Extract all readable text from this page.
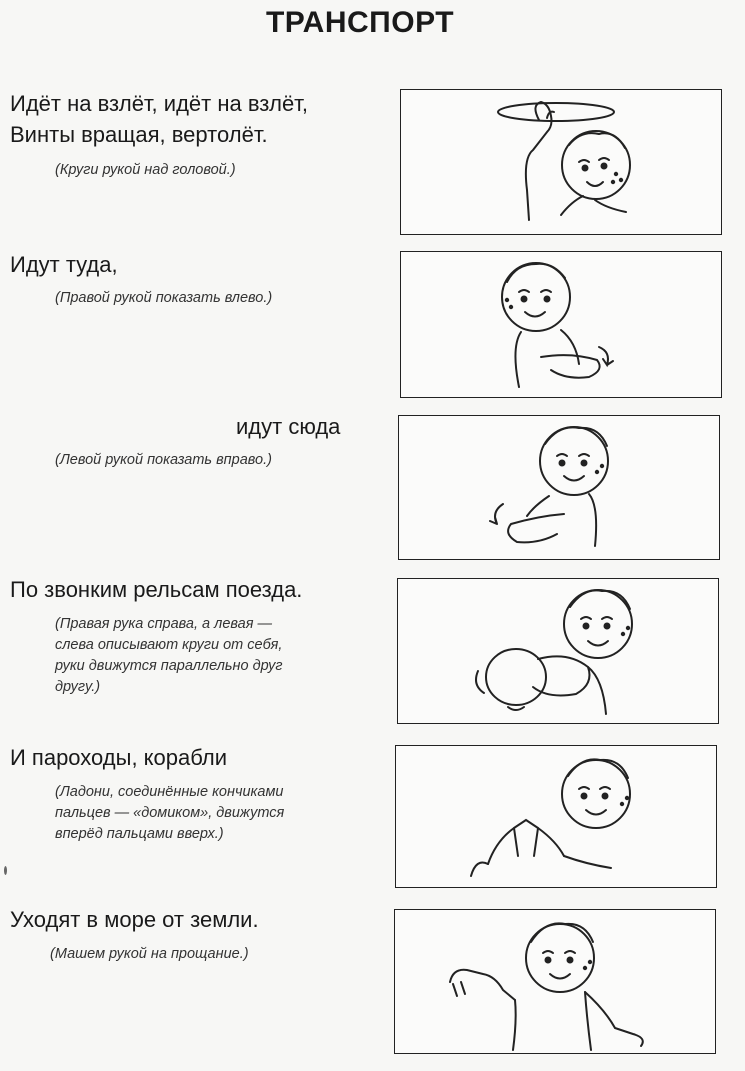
ТРАНСПОРТ
Идёт на взлёт, идёт на взлёт,
Винты вращая, вертолёт.
(Круги рукой над головой.)
Идут туда,
(Правой рукой показать влево.)
идут сюда
(Левой рукой показать вправо.)
По звонким рельсам поезда.
(Правая рука справа, а левая —
слева описывают круги от себя,
руки движутся параллельно друг
другу.)
И пароходы, корабли
(Ладони, соединённые кончиками
пальцев — «домиком», движутся
вперёд пальцами вверх.)
Уходят в море от земли.
(Машем рукой на прощание.)
